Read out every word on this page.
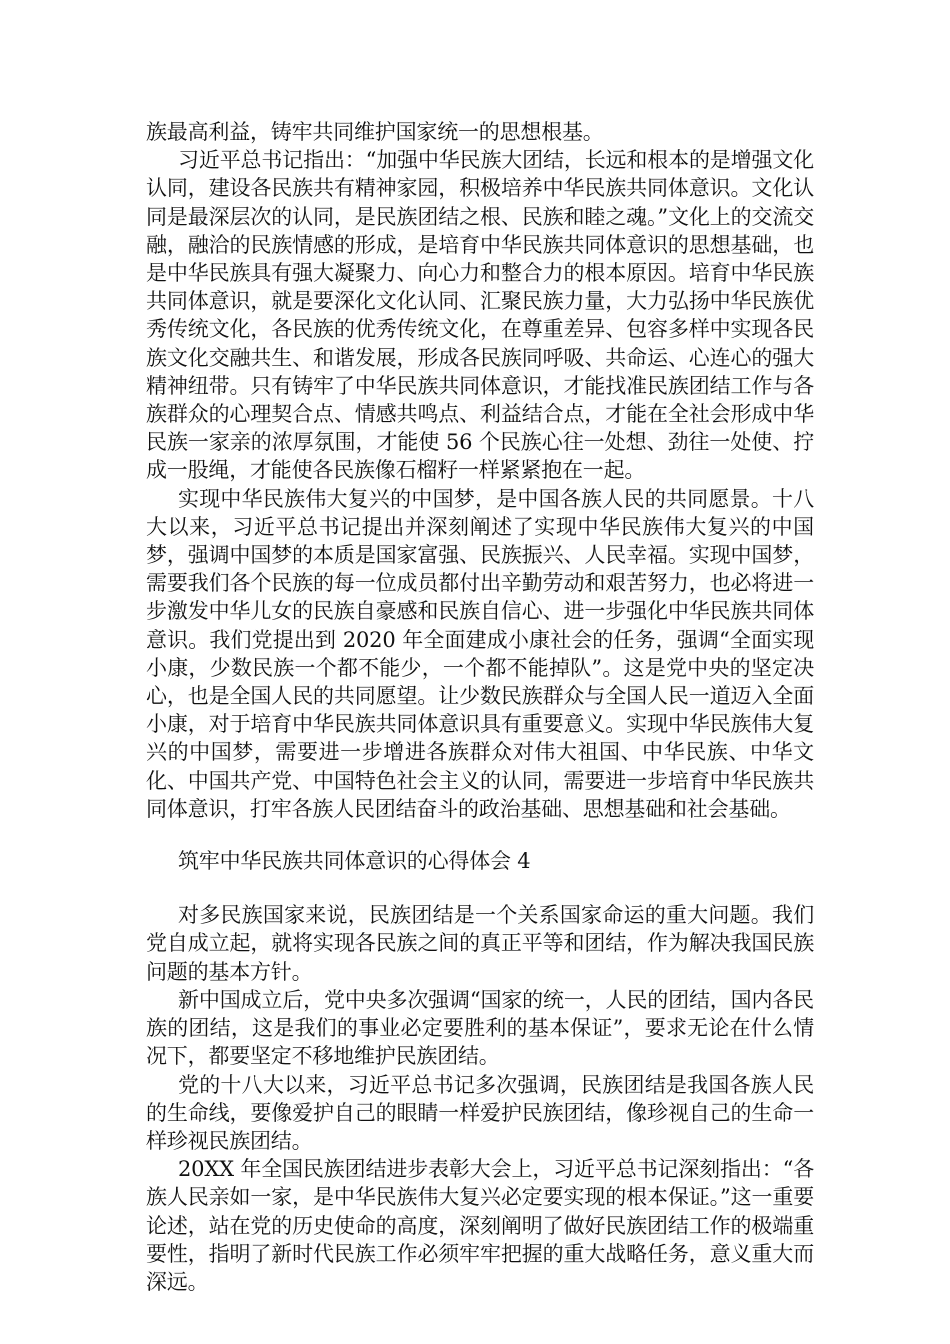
族最高利益，铸牢共同维护国家统一的思想根基。

习近平总书记指出：“加强中华民族大团结，长远和根本的是增强文化认同，建设各民族共有精神家园，积极培养中华民族共同体意识。文化认同是最深层次的认同，是民族团结之根、民族和睦之魂。”文化上的交流交融，融洽的民族情感的形成，是培育中华民族共同体意识的思想基础，也是中华民族具有强大凝聚力、向心力和整合力的根本原因。培育中华民族共同体意识，就是要深化文化认同、汇聚民族力量，大力弘扬中华民族优秀传统文化，各民族的优秀传统文化，在尊重差异、包容多样中实现各民族文化交融共生、和谐发展，形成各民族同呼吸、共命运、心连心的强大精神纽带。只有铸牢了中华民族共同体意识，才能找准民族团结工作与各族群众的心理契合点、情感共鸣点、利益结合点，才能在全社会形成中华民族一家亲的浓厚氛围，才能使 56 个民族心往一处想、劲往一处使、拧成一股绳，才能使各民族像石榴籽一样紧紧抱在一起。

实现中华民族伟大复兴的中国梦，是中国各族人民的共同愿景。十八大以来，习近平总书记提出并深刻阐述了实现中华民族伟大复兴的中国梦，强调中国梦的本质是国家富强、民族振兴、人民幸福。实现中国梦，需要我们各个民族的每一位成员都付出辛勤劳动和艰苦努力，也必将进一步激发中华儿女的民族自豪感和民族自信心、进一步强化中华民族共同体意识。我们党提出到 2020 年全面建成小康社会的任务，强调“全面实现小康，少数民族一个都不能少，一个都不能掉队”。这是党中央的坚定决心，也是全国人民的共同愿望。让少数民族群众与全国人民一道迈入全面小康，对于培育中华民族共同体意识具有重要意义。实现中华民族伟大复兴的中国梦，需要进一步增进各族群众对伟大祖国、中华民族、中华文化、中国共产党、中国特色社会主义的认同，需要进一步培育中华民族共同体意识，打牢各族人民团结奋斗的政治基础、思想基础和社会基础。

筑牢中华民族共同体意识的心得体会 4

对多民族国家来说，民族团结是一个关系国家命运的重大问题。我们党自成立起，就将实现各民族之间的真正平等和团结，作为解决我国民族问题的基本方针。

新中国成立后，党中央多次强调“国家的统一，人民的团结，国内各民族的团结，这是我们的事业必定要胜利的基本保证”，要求无论在什么情况下，都要坚定不移地维护民族团结。

党的十八大以来，习近平总书记多次强调，民族团结是我国各族人民的生命线，要像爱护自己的眼睛一样爱护民族团结，像珍视自己的生命一样珍视民族团结。

20XX 年全国民族团结进步表彰大会上，习近平总书记深刻指出：“各族人民亲如一家，是中华民族伟大复兴必定要实现的根本保证。”这一重要论述，站在党的历史使命的高度，深刻阐明了做好民族团结工作的极端重要性，指明了新时代民族工作必须牢牢把握的重大战略任务，意义重大而深远。
